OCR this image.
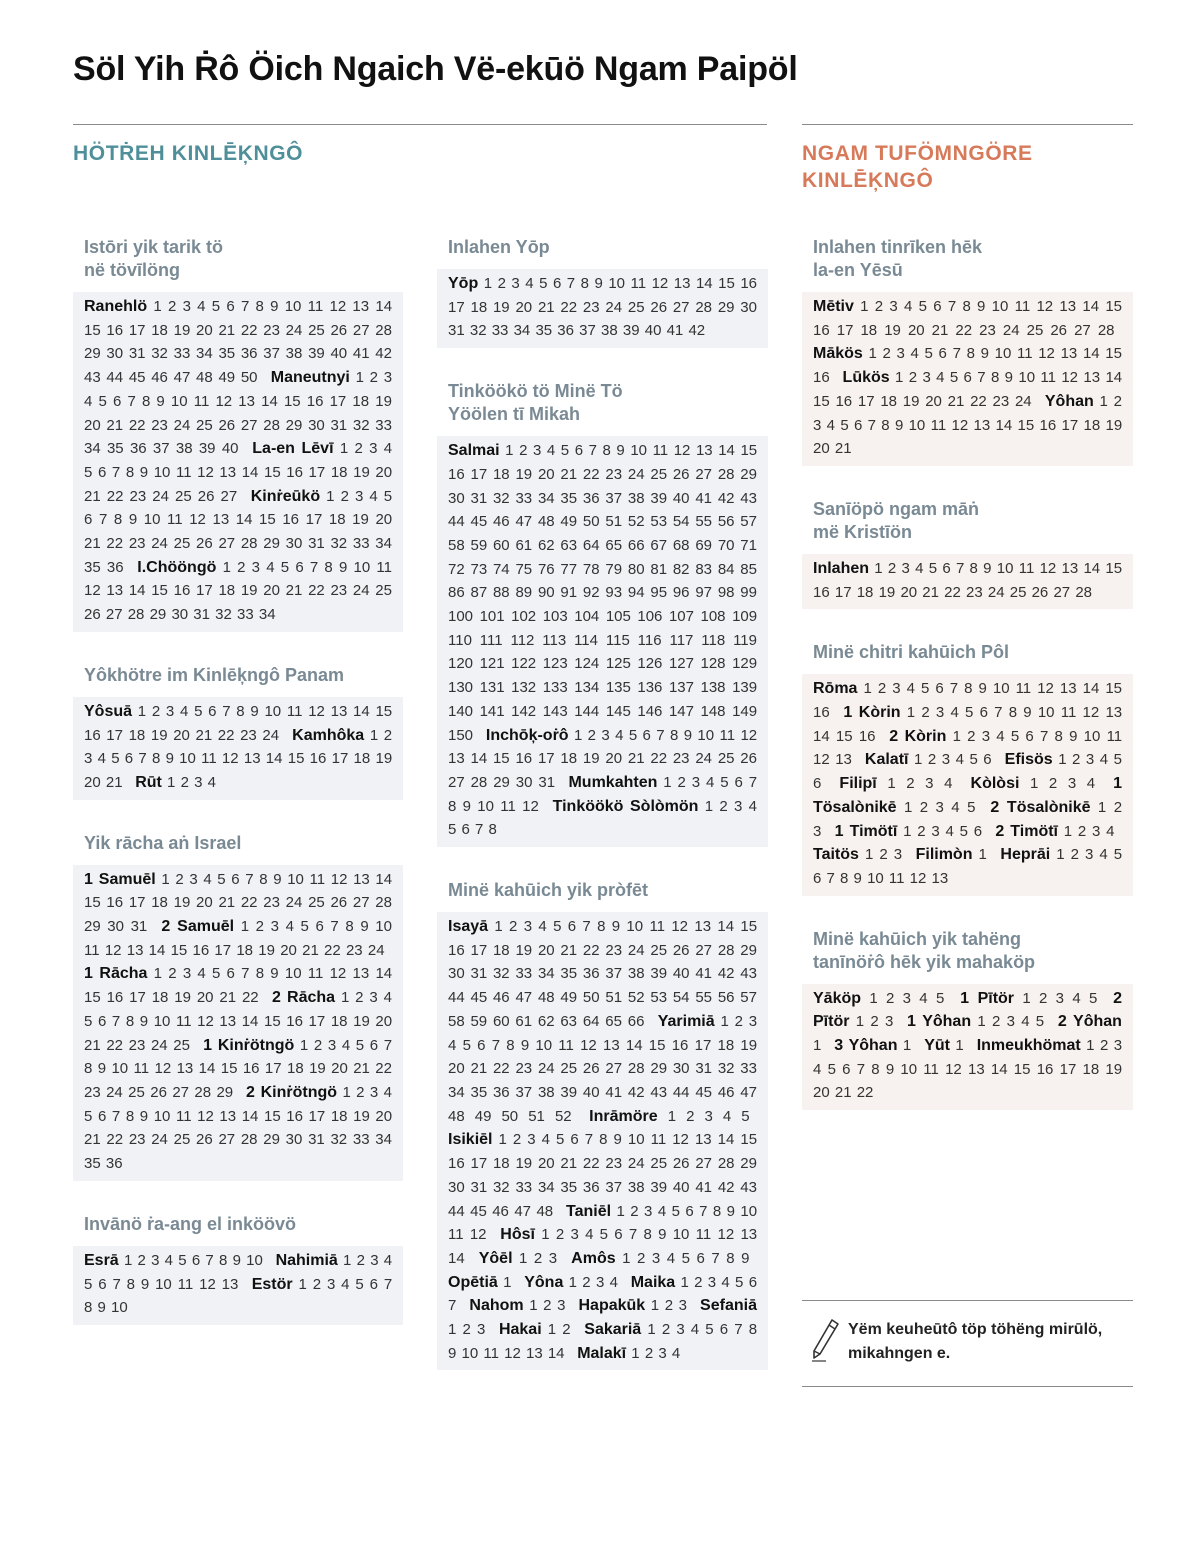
Söl Yih Ṙô Öich Ngaich Vë-ekūö Ngam Paipöl
HÖTṘEH KINLĒĶNGÔ	NGAM TUFÖMNGÖRE
KINLĒĶNGÔ
Istōri yik tarik tö
në tövīlöng
Ranehlö 1 2 3 4 5 6 7 8 9 10 11 12 13 14 15 16 17 18 19 20 21 22 23 24 25 26 27 28 29 30 31 32 33 34 35 36 37 38 39 40 41 42 43 44 45 46 47 48 49 50  Maneutnyi 1 2 3 4 5 6 7 8 9 10 11 12 13 14 15 16 17 18 19 20 21 22 23 24 25 26 27 28 29 30 31 32 33 34 35 36 37 38 39 40  La-en Lēvī 1 2 3 4 5 6 7 8 9 10 11 12 13 14 15 16 17 18 19 20 21 22 23 24 25 26 27  Kinṙeūkö 1 2 3 4 5 6 7 8 9 10 11 12 13 14 15 16 17 18 19 20 21 22 23 24 25 26 27 28 29 30 31 32 33 34 35 36  I.Chööngö 1 2 3 4 5 6 7 8 9 10 11 12 13 14 15 16 17 18 19 20 21 22 23 24 25 26 27 28 29 30 31 32 33 34 
Yôkhötre im Kinlēķngô Panam
Yôsuā 1 2 3 4 5 6 7 8 9 10 11 12 13 14 15 16 17 18 19 20 21 22 23 24  Kamhôka 1 2 3 4 5 6 7 8 9 10 11 12 13 14 15 16 17 18 19 20 21  Rūt 1 2 3 4 
Yik rācha aṅ Israel
1 Samuēl 1 2 3 4 5 6 7 8 9 10 11 12 13 14 15 16 17 18 19 20 21 22 23 24 25 26 27 28 29 30 31  2 Samuēl 1 2 3 4 5 6 7 8 9 10 11 12 13 14 15 16 17 18 19 20 21 22 23 24  1 Rācha 1 2 3 4 5 6 7 8 9 10 11 12 13 14 15 16 17 18 19 20 21 22  2 Rācha 1 2 3 4 5 6 7 8 9 10 11 12 13 14 15 16 17 18 19 20 21 22 23 24 25  1 Kinṙötngö 1 2 3 4 5 6 7 8 9 10 11 12 13 14 15 16 17 18 19 20 21 22 23 24 25 26 27 28 29  2 Kinṙötngö 1 2 3 4 5 6 7 8 9 10 11 12 13 14 15 16 17 18 19 20 21 22 23 24 25 26 27 28 29 30 31 32 33 34 35 36 
Invānö ṙa-ang el inköövö
Esrā 1 2 3 4 5 6 7 8 9 10  Nahimiā 1 2 3 4 5 6 7 8 9 10 11 12 13  Estör 1 2 3 4 5 6 7 8 9 10 
Inlahen Yōp
Yōp 1 2 3 4 5 6 7 8 9 10 11 12 13 14 15 16 17 18 19 20 21 22 23 24 25 26 27 28 29 30 31 32 33 34 35 36 37 38 39 40 41 42 
Tinköökö tö Minë Tö
Yöölen tī Mikah
Salmai 1 2 3 4 5 6 7 8 9 10 11 12 13 14 15 16 17 18 19 20 21 22 23 24 25 26 27 28 29 30 31 32 33 34 35 36 37 38 39 40 41 42 43 44 45 46 47 48 49 50 51 52 53 54 55 56 57 58 59 60 61 62 63 64 65 66 67 68 69 70 71 72 73 74 75 76 77 78 79 80 81 82 83 84 85 86 87 88 89 90 91 92 93 94 95 96 97 98 99 100 101 102 103 104 105 106 107 108 109 110 111 112 113 114 115 116 117 118 119 120 121 122 123 124 125 126 127 128 129 130 131 132 133 134 135 136 137 138 139 140 141 142 143 144 145 146 147 148 149 150  Inchōķ-oṙô 1 2 3 4 5 6 7 8 9 10 11 12 13 14 15 16 17 18 19 20 21 22 23 24 25 26 27 28 29 30 31  Mumkahten 1 2 3 4 5 6 7 8 9 10 11 12  Tinköökö Sòlòmön 1 2 3 4 5 6 7 8 
Minë kahūich yik pròfēt
Isayā 1 2 3 4 5 6 7 8 9 10 11 12 13 14 15 16 17 18 19 20 21 22 23 24 25 26 27 28 29 30 31 32 33 34 35 36 37 38 39 40 41 42 43 44 45 46 47 48 49 50 51 52 53 54 55 56 57 58 59 60 61 62 63 64 65 66  Yarimiā 1 2 3 4 5 6 7 8 9 10 11 12 13 14 15 16 17 18 19 20 21 22 23 24 25 26 27 28 29 30 31 32 33 34 35 36 37 38 39 40 41 42 43 44 45 46 47 48 49 50 51 52  Inrāmöre 1 2 3 4 5  Isikiēl 1 2 3 4 5 6 7 8 9 10 11 12 13 14 15 16 17 18 19 20 21 22 23 24 25 26 27 28 29 30 31 32 33 34 35 36 37 38 39 40 41 42 43 44 45 46 47 48  Taniēl 1 2 3 4 5 6 7 8 9 10 11 12  Hôsī 1 2 3 4 5 6 7 8 9 10 11 12 13 14  Yôēl 1 2 3  Amôs 1 2 3 4 5 6 7 8 9  Opētiā 1  Yôna 1 2 3 4  Maika 1 2 3 4 5 6 7  Nahom 1 2 3  Hapakūk 1 2 3  Sefaniā 1 2 3  Hakai 1 2  Sakariā 1 2 3 4 5 6 7 8 9 10 11 12 13 14  Malakī 1 2 3 4 
Inlahen tinrīken hēk
la-en Yēsū
Mētiv 1 2 3 4 5 6 7 8 9 10 11 12 13 14 15 16 17 18 19 20 21 22 23 24 25 26 27 28  Mākös 1 2 3 4 5 6 7 8 9 10 11 12 13 14 15 16  Lūkös 1 2 3 4 5 6 7 8 9 10 11 12 13 14 15 16 17 18 19 20 21 22 23 24  Yôhan 1 2 3 4 5 6 7 8 9 10 11 12 13 14 15 16 17 18 19 20 21 
Sanīöpö ngam māṅ
më Kristīön
Inlahen 1 2 3 4 5 6 7 8 9 10 11 12 13 14 15 16 17 18 19 20 21 22 23 24 25 26 27 28 
Minë chitri kahūich Pôl
Rōma 1 2 3 4 5 6 7 8 9 10 11 12 13 14 15 16  1 Kòrin 1 2 3 4 5 6 7 8 9 10 11 12 13 14 15 16  2 Kòrin 1 2 3 4 5 6 7 8 9 10 11 12 13  Kalatī 1 2 3 4 5 6  Efisös 1 2 3 4 5 6  Filipī 1 2 3 4  Kòlòsi 1 2 3 4  1 Tösalònikē 1 2 3 4 5  2 Tösalònikē 1 2 3  1 Timötī 1 2 3 4 5 6  2 Timötī 1 2 3 4  Taitös 1 2 3  Filimòn 1  Heprāi 1 2 3 4 5 6 7 8 9 10 11 12 13 
Minë kahūich yik tahëng
tanīnöṙô hēk yik mahaköp
Yāköp 1 2 3 4 5  1 Pītör 1 2 3 4 5  2 Pītör 1 2 3  1 Yôhan 1 2 3 4 5  2 Yôhan 1  3 Yôhan 1  Yūt 1  Inmeukhömat 1 2 3 4 5 6 7 8 9 10 11 12 13 14 15 16 17 18 19 20 21 22 
Yëm keuheūtô töp töhëng mirūlö, mikahngen e.
